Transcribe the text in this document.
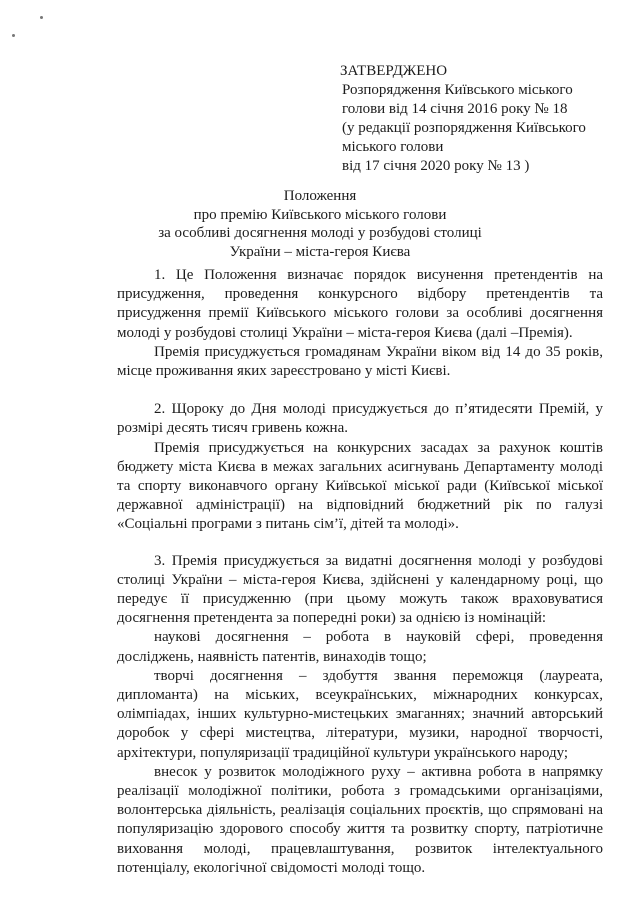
ЗАТВЕРДЖЕНО
Розпорядження Київського міського
голови від 14 січня 2016 року № 18
(у редакції розпорядження Київського
міського голови
від 17 січня 2020 року № 13 )
Положення
про премію Київського міського голови
за особливі досягнення молоді у розбудові столиці
України – міста-героя Києва

1. Це Положення визначає порядок висунення претендентів на присудження, проведення конкурсного відбору претендентів та присудження премії Київського міського голови за особливі досягнення молоді у розбудові столиці України – міста-героя Києва (далі –Премія).

Премія присуджується громадянам України віком від 14 до 35 років, місце проживання яких зареєстровано у місті Києві.

2. Щороку до Дня молоді присуджується до п’ятидесяти Премій, у розмірі десять тисяч гривень кожна.

Премія присуджується на конкурсних засадах за рахунок коштів бюджету міста Києва в межах загальних асигнувань Департаменту молоді та спорту виконавчого органу Київської міської ради (Київської міської державної адміністрації) на відповідний бюджетний рік по галузі «Соціальні програми з питань сім’ї, дітей та молоді».

3. Премія присуджується за видатні досягнення молоді у розбудові столиці України – міста-героя Києва, здійснені у календарному році, що передує її присудженню (при цьому можуть також враховуватися досягнення претендента за попередні роки) за однією із номінацій:

наукові досягнення – робота в науковій сфері, проведення досліджень, наявність патентів, винаходів тощо;

творчі досягнення – здобуття звання переможця (лауреата, дипломанта) на міських, всеукраїнських, міжнародних конкурсах, олімпіадах, інших культурно-мистецьких змаганнях; значний авторський доробок у сфері мистецтва, літератури, музики, народної творчості, архітектури, популяризації традиційної культури українського народу;

внесок у розвиток молодіжного руху – активна робота в напрямку реалізації молодіжної політики, робота з громадськими організаціями, волонтерська діяльність, реалізація соціальних проєктів, що спрямовані на популяризацію здорового способу життя та розвитку спорту, патріотичне виховання молоді, працевлаштування, розвиток інтелектуального потенціалу, екологічної свідомості молоді тощо.
